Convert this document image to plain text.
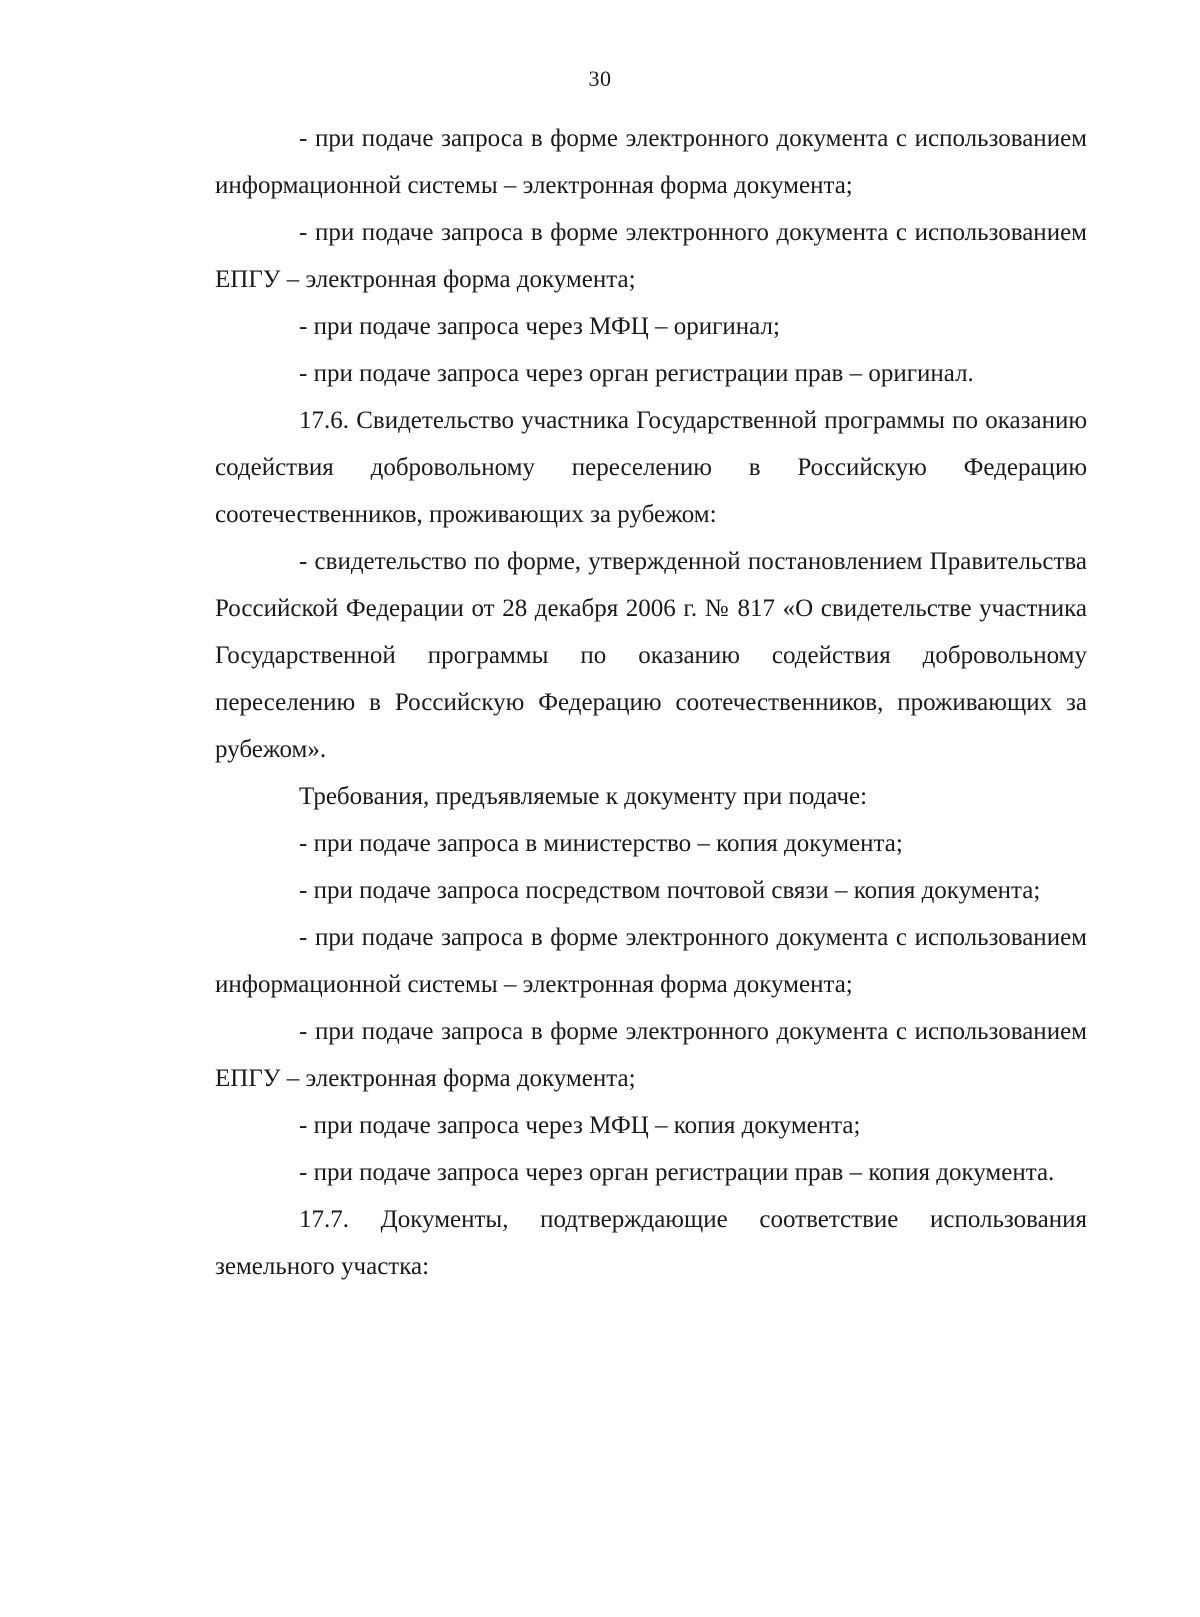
30

- при подаче запроса в форме электронного документа с использованием информационной системы – электронная форма документа;

- при подаче запроса в форме электронного документа с использованием ЕПГУ – электронная форма документа;

- при подаче запроса через МФЦ – оригинал;

- при подаче запроса через орган регистрации прав – оригинал.

17.6. Свидетельство участника Государственной программы по оказанию содействия добровольному переселению в Российскую Федерацию соотечественников, проживающих за рубежом:

- свидетельство по форме, утвержденной постановлением Правительства Российской Федерации от 28 декабря 2006 г. № 817 «О свидетельстве участника Государственной программы по оказанию содействия добровольному переселению в Российскую Федерацию соотечественников, проживающих за рубежом».

Требования, предъявляемые к документу при подаче:

- при подаче запроса в министерство – копия документа;

- при подаче запроса посредством почтовой связи – копия документа;

- при подаче запроса в форме электронного документа с использованием информационной системы – электронная форма документа;

- при подаче запроса в форме электронного документа с использованием ЕПГУ – электронная форма документа;

- при подаче запроса через МФЦ – копия документа;

- при подаче запроса через орган регистрации прав – копия документа.

17.7. Документы, подтверждающие соответствие использования земельного участка:
